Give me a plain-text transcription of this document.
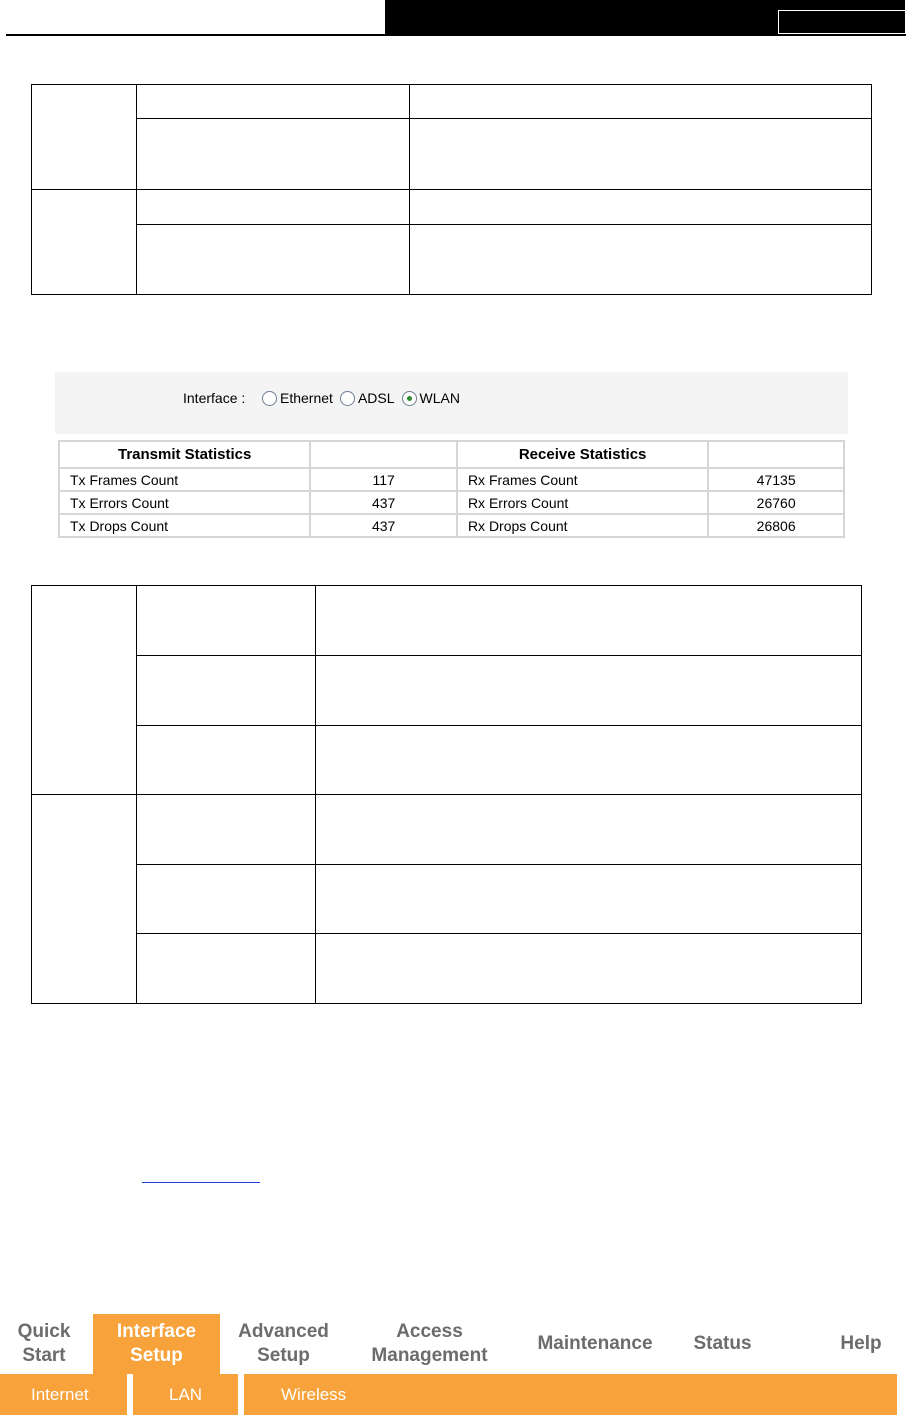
Interface : Ethernet ADSL WLAN
Transmit Statistics		Receive Statistics	
Tx Frames Count	117	Rx Frames Count	47135
Tx Errors Count	437	Rx Errors Count	26760
Tx Drops Count	437	Rx Drops Count	26806
Quick
Start
Interface
Setup
Advanced
Setup
Access
Management
Maintenance Status	Help
Internet	LAN	Wireless
